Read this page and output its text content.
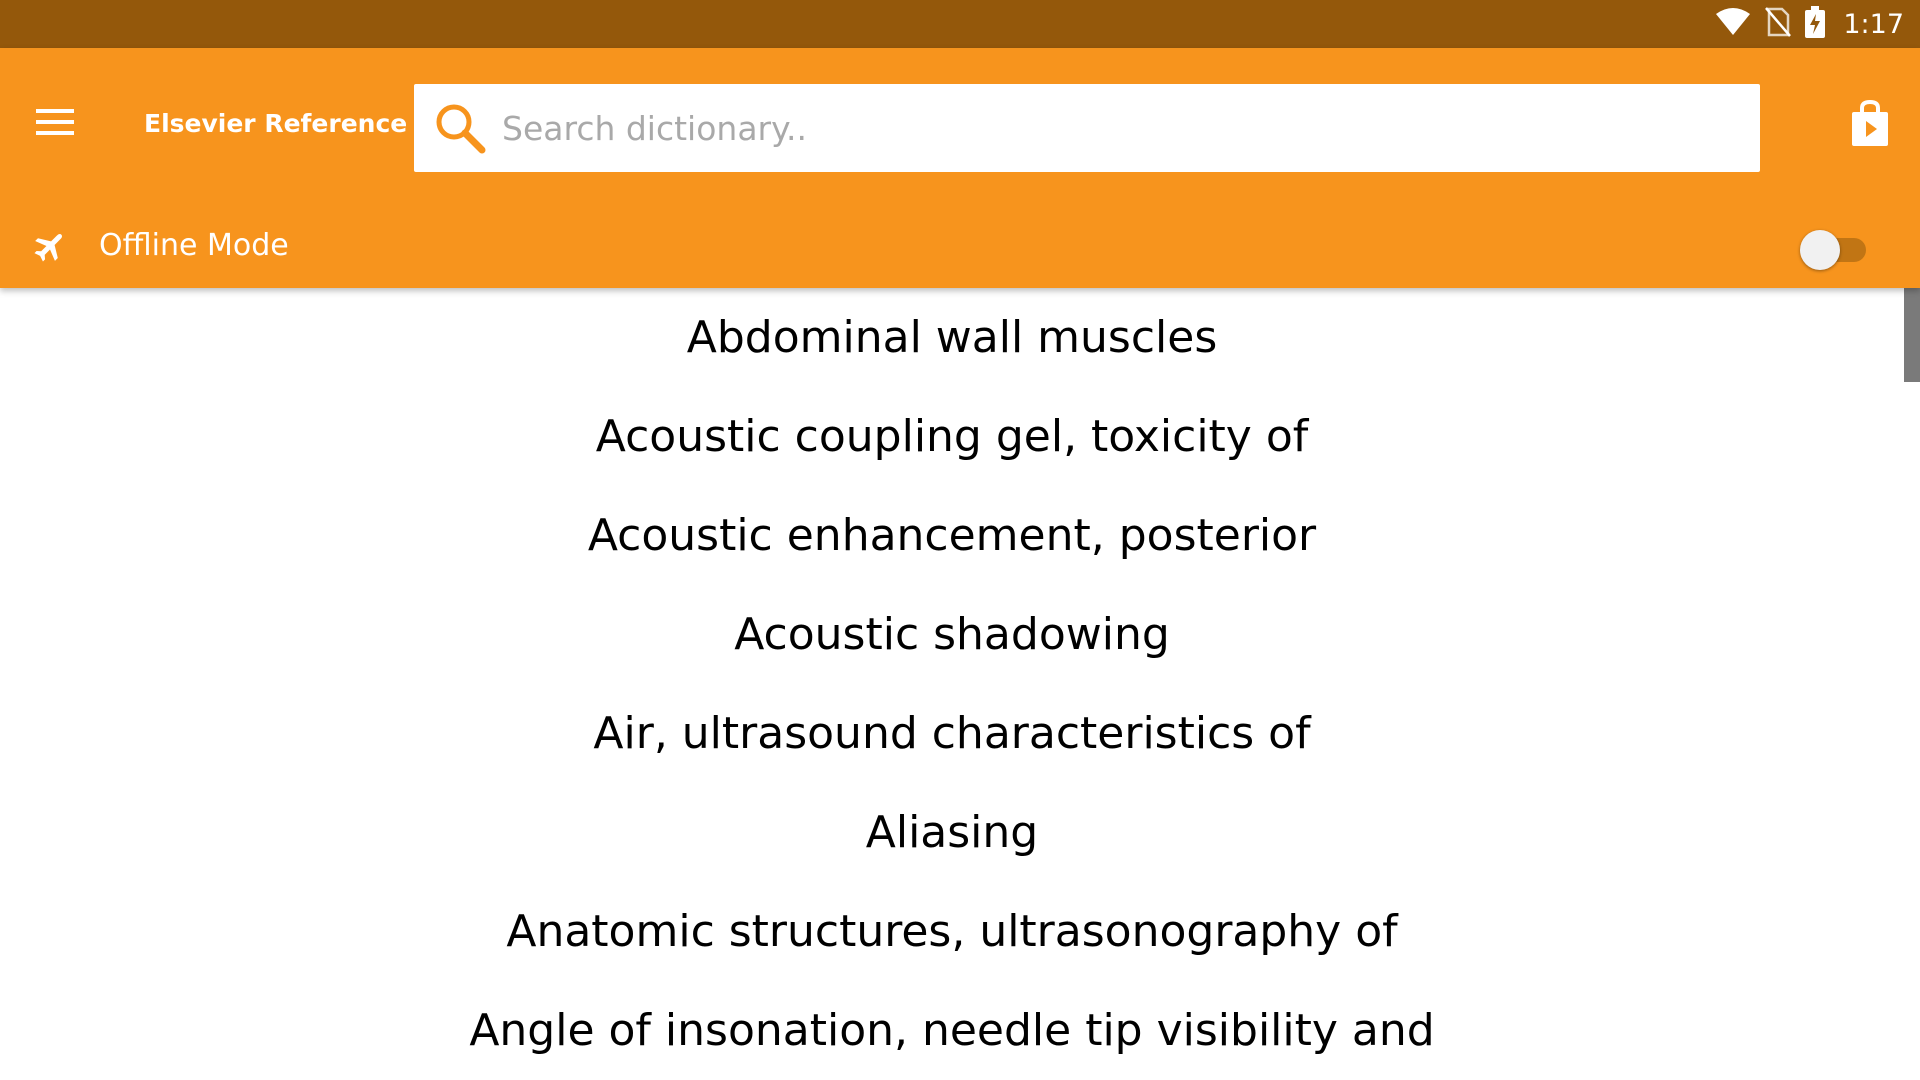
1:17
Elsevier Reference
Search dictionary..
Offline Mode
Abdominal wall muscles
Acoustic coupling gel, toxicity of
Acoustic enhancement, posterior
Acoustic shadowing
Air, ultrasound characteristics of
Aliasing
Anatomic structures, ultrasonography of
Angle of insonation, needle tip visibility and
